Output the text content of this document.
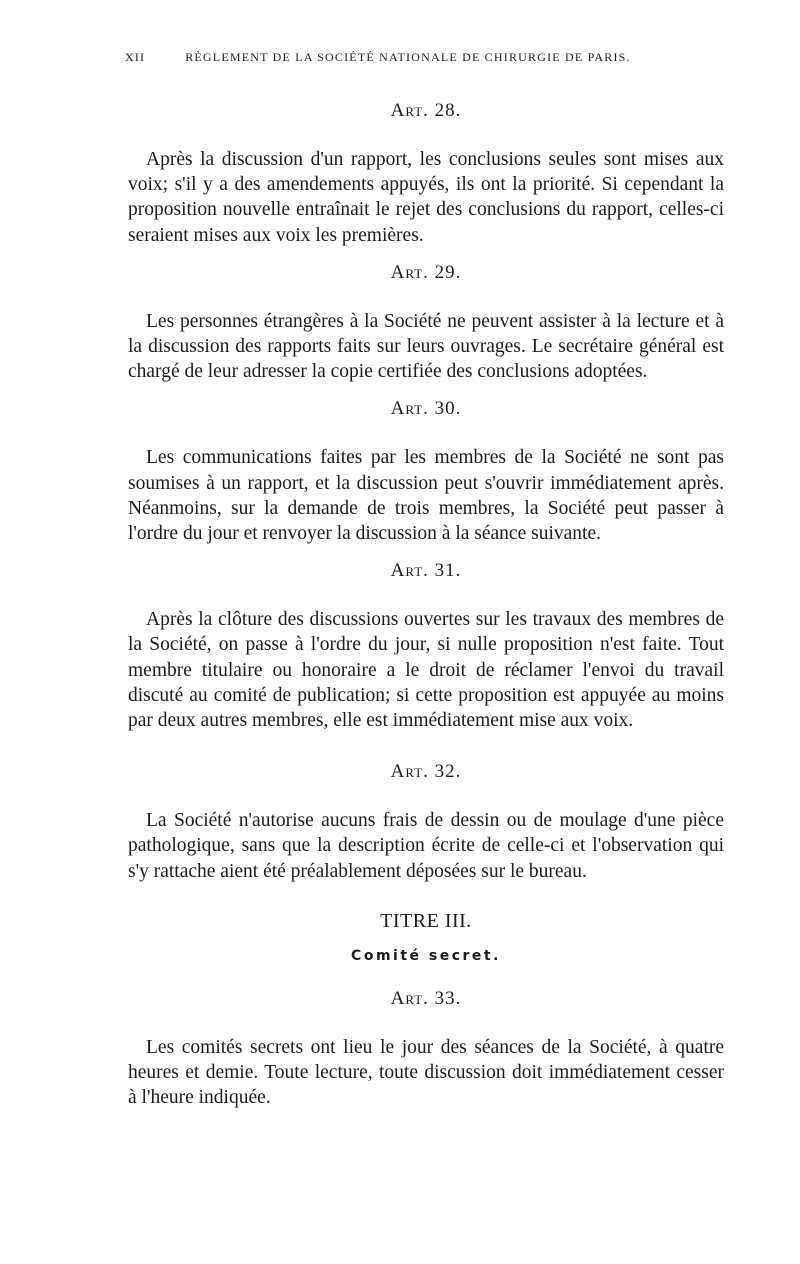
XII	RÈGLEMENT DE LA SOCIÉTÉ NATIONALE DE CHIRURGIE DE PARIS.
Art. 28.

Après la discussion d'un rapport, les conclusions seules sont mises aux voix; s'il y a des amendements appuyés, ils ont la priorité. Si cependant la proposition nouvelle entraînait le rejet des conclusions du rapport, celles-ci seraient mises aux voix les premières.

Art. 29.

Les personnes étrangères à la Société ne peuvent assister à la lecture et à la discussion des rapports faits sur leurs ouvrages. Le secrétaire général est chargé de leur adresser la copie certifiée des conclusions adoptées.

Art. 30.

Les communications faites par les membres de la Société ne sont pas soumises à un rapport, et la discussion peut s'ouvrir immédiatement après. Néanmoins, sur la demande de trois membres, la Société peut passer à l'ordre du jour et renvoyer la discussion à la séance suivante.

Art. 31.

Après la clôture des discussions ouvertes sur les travaux des membres de la Société, on passe à l'ordre du jour, si nulle proposition n'est faite. Tout membre titulaire ou honoraire a le droit de réclamer l'envoi du travail discuté au comité de publication; si cette proposition est appuyée au moins par deux autres membres, elle est immédiatement mise aux voix.

Art. 32.

La Société n'autorise aucuns frais de dessin ou de moulage d'une pièce pathologique, sans que la description écrite de celle-ci et l'observation qui s'y rattache aient été préalablement déposées sur le bureau.

TITRE III.
Comité secret.
Art. 33.

Les comités secrets ont lieu le jour des séances de la Société, à quatre heures et demie. Toute lecture, toute discussion doit immédiatement cesser à l'heure indiquée.
